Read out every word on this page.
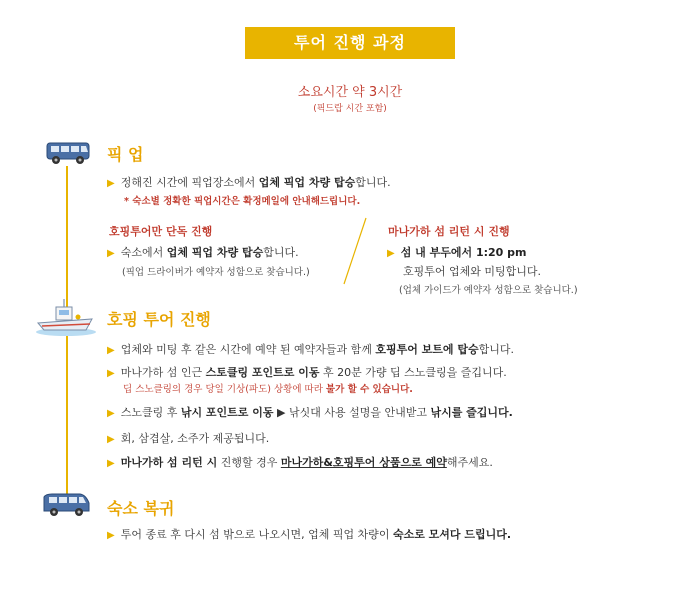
투어 진행 과정
소요시간 약 3시간
(픽드랍 시간 포함)
픽 업
▶ 정해진 시간에 픽업장소에서 업체 픽업 차량 탑승합니다.
* 숙소별 정확한 픽업시간은 확정메일에 안내해드립니다.
호핑투어만 단독 진행
▶ 숙소에서 업체 픽업 차량 탑승합니다.
(픽업 드라이버가 예약자 성함으로 찾습니다.)
마나가하 섬 리턴 시 진행
▶ 섬 내 부두에서 1:20 pm
호핑투어 업체와 미팅합니다.
(업체 가이드가 예약자 성함으로 찾습니다.)
호핑 투어 진행
▶ 업체와 미팅 후 같은 시간에 예약 된 예약자들과 함께 호핑투어 보트에 탑승합니다.
▶ 마나가하 섬 인근 스토클링 포인트로 이동 후 20분 가량 딥 스노클링을 즐깁니다.
딥 스노클링의 경우 당일 기상(파도) 상황에 따라 불가 할 수 있습니다.
▶ 스노클링 후 낚시 포인트로 이동 ▶ 낚싯대 사용 설명을 안내받고 낚시를 즐깁니다.
▶ 회, 삼겹살, 소주가 제공됩니다.
▶ 마나가하 섬 리턴 시 진행할 경우 마나가하&호핑투어 상품으로 예약해주세요.
숙소 복귀
▶ 투어 종료 후 다시 섬 밖으로 나오시면, 업체 픽업 차량이 숙소로 모셔다 드립니다.
